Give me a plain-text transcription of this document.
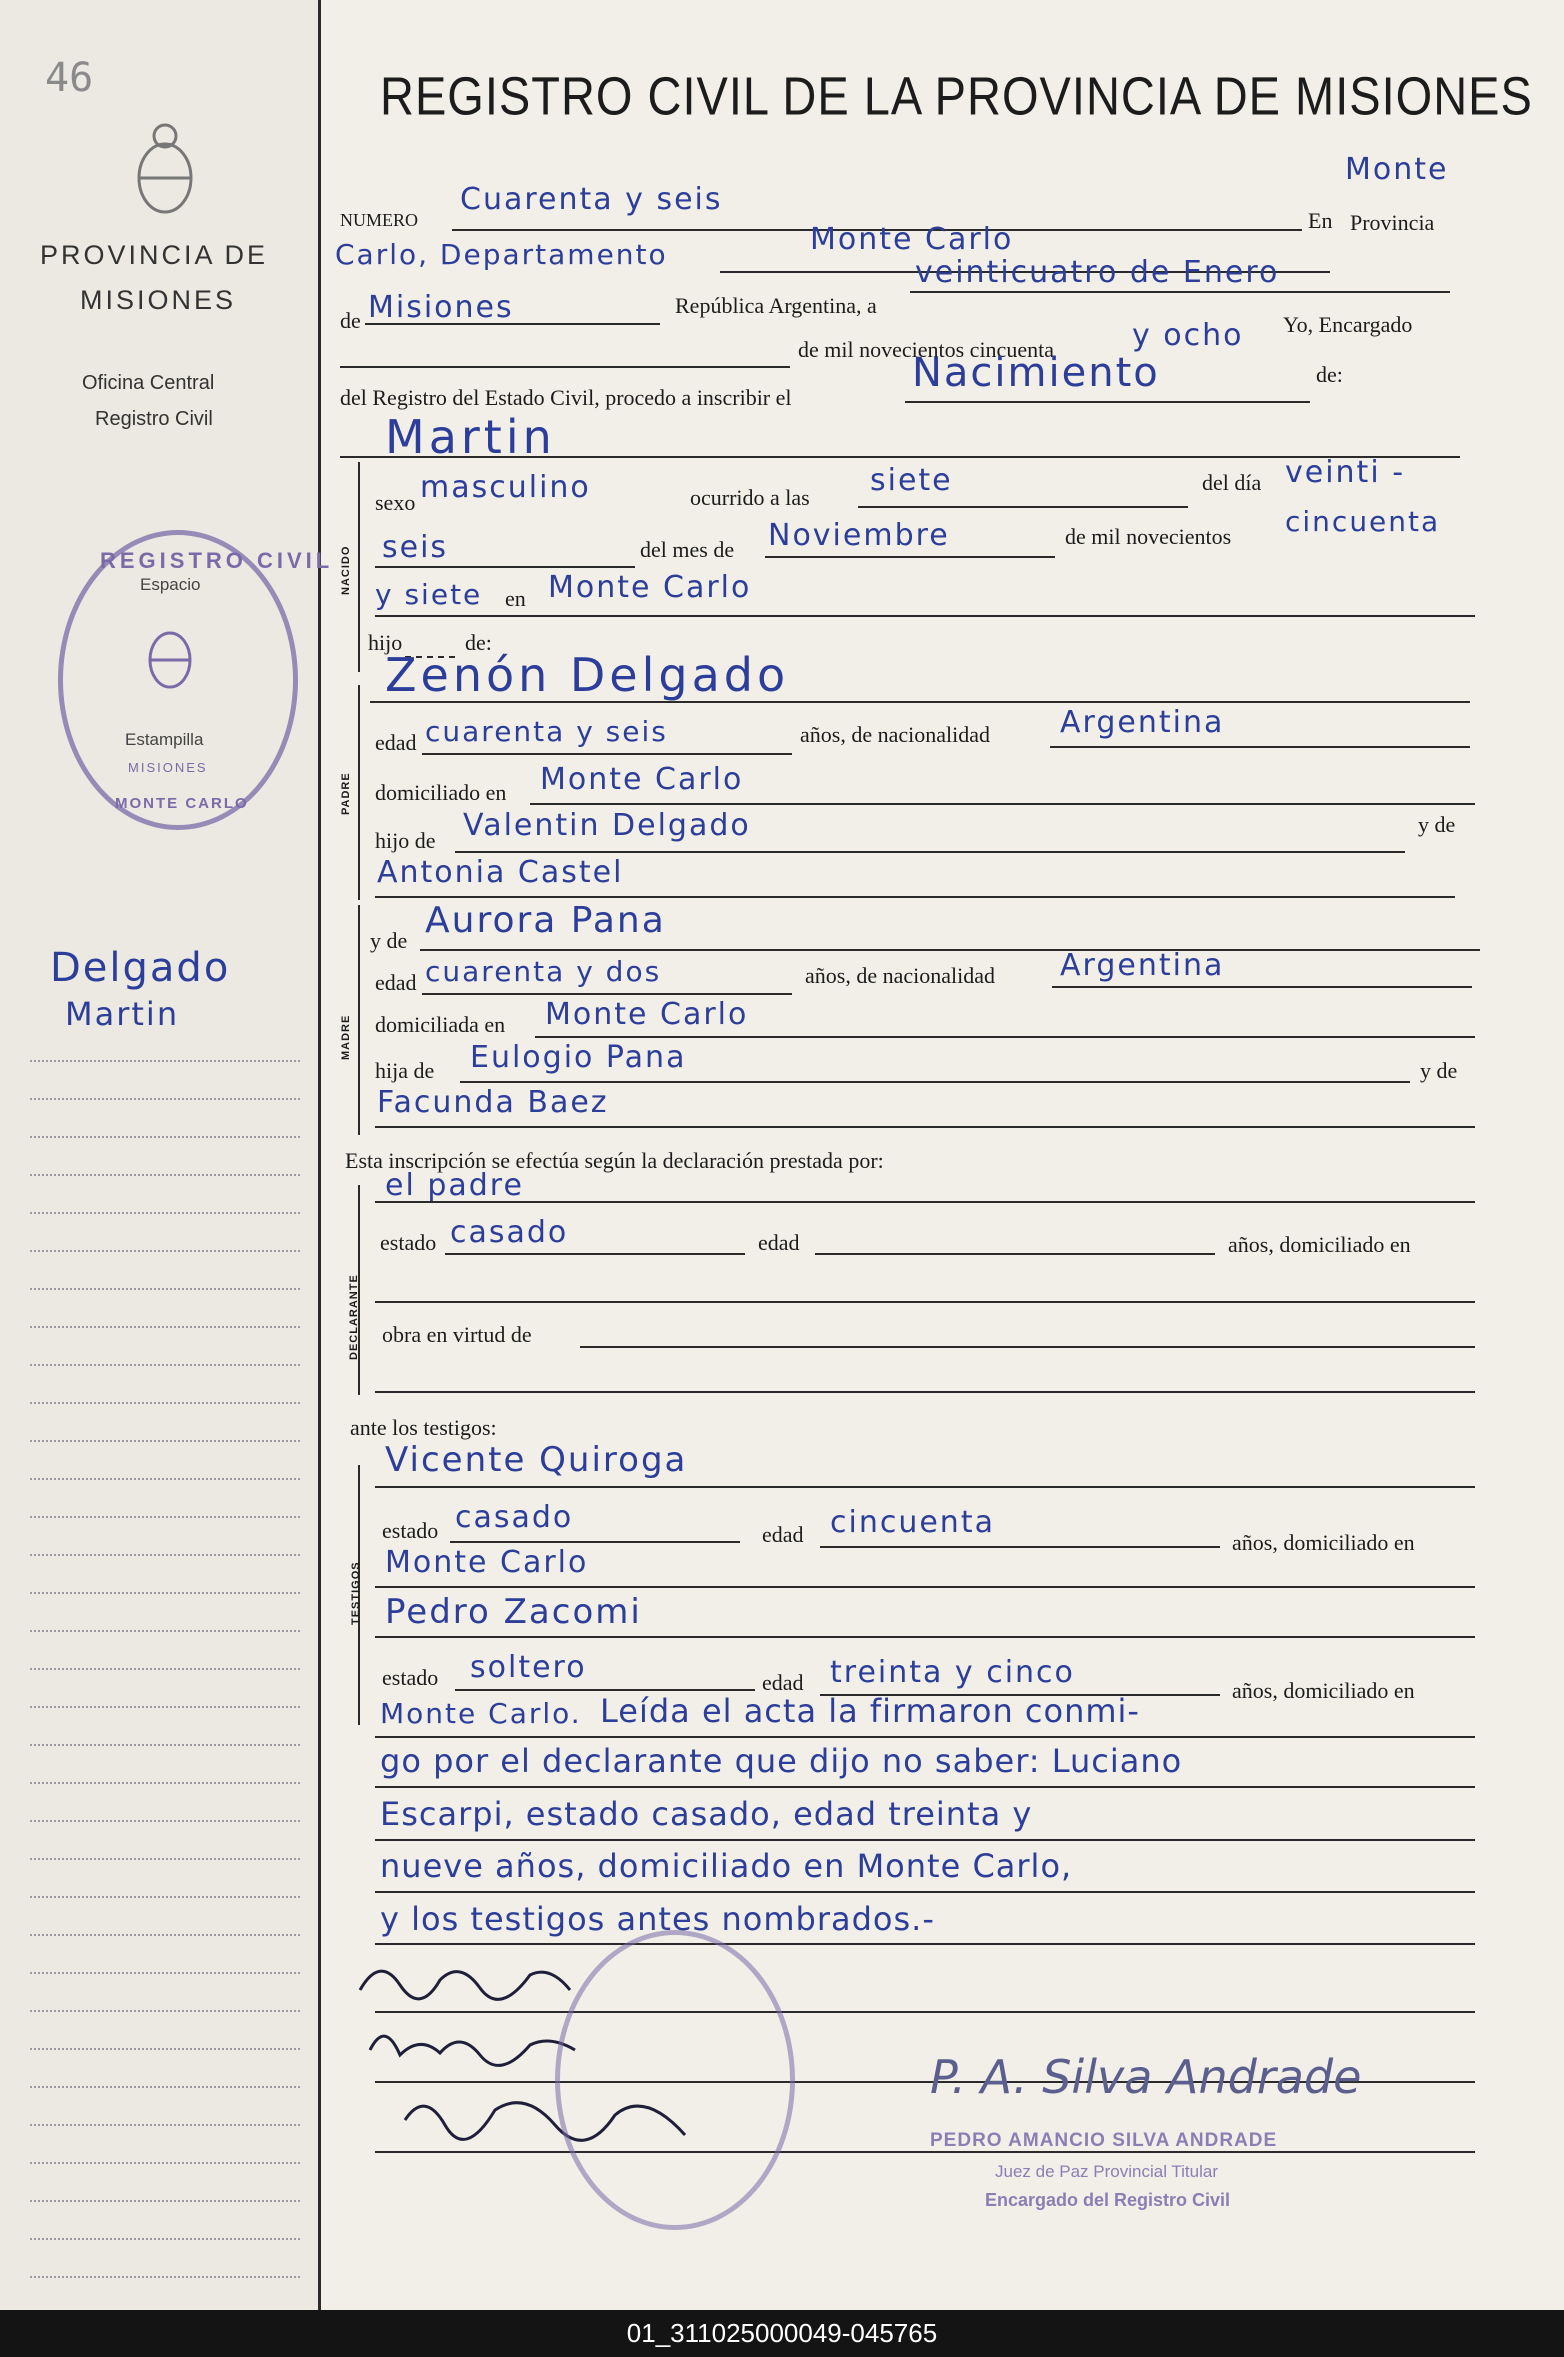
46
PROVINCIA DE
MISIONES
Oficina Central
Registro Civil
REGISTRO CIVIL
Espacio
Estampilla
MISIONES
MONTE CARLO
Delgado
Martin
REGISTRO CIVIL DE LA PROVINCIA DE MISIONES
NUMERO
Cuarenta y seis
En
Monte
Carlo, Departamento	Monte Carlo	Provincia
de Misiones	República Argentina, a
veinticuatro de Enero
de mil novecientos cincuenta	y ocho Yo, Encargado
del Registro del Estado Civil, procedo a inscribir el
Nacimiento	de:
Martin
NACIDO
sexo masculino	ocurrido a las siete	del día veinti -
seis	del mes de Noviembre	de mil novecientos cincuenta
y siete en Monte Carlo
hijo	de:
Zenón Delgado
PADRE
edad cuarenta y seis	años, de nacionalidad Argentina
domiciliado en Monte Carlo
hijo de Valentin Delgado	y de
Antonia Castel
MADRE
y de Aurora Pana
edad cuarenta y dos	años, de nacionalidad Argentina
domiciliada en Monte Carlo
hija de Eulogio Pana	y de
Facunda Baez
Esta inscripción se efectúa según la declaración prestada por:
el padre
DECLARANTE
estado casado	edad	años, domiciliado en
obra en virtud de
ante los testigos:
Vicente Quiroga
TESTIGOS
estado casado	edad cincuenta
años, domiciliado en
Monte Carlo
Pedro Zacomi
estado soltero	edad treinta y cinco
años, domiciliado en
Monte Carlo. Leída el acta la firmaron conmi-
go por el declarante que dijo no saber: Luciano
Escarpi, estado casado, edad treinta y
nueve años, domiciliado en Monte Carlo,
y los testigos antes nombrados.-
P. A. Silva Andrade
PEDRO AMANCIO SILVA ANDRADE
Juez de Paz Provincial Titular
Encargado del Registro Civil
01_311025000049-045765
